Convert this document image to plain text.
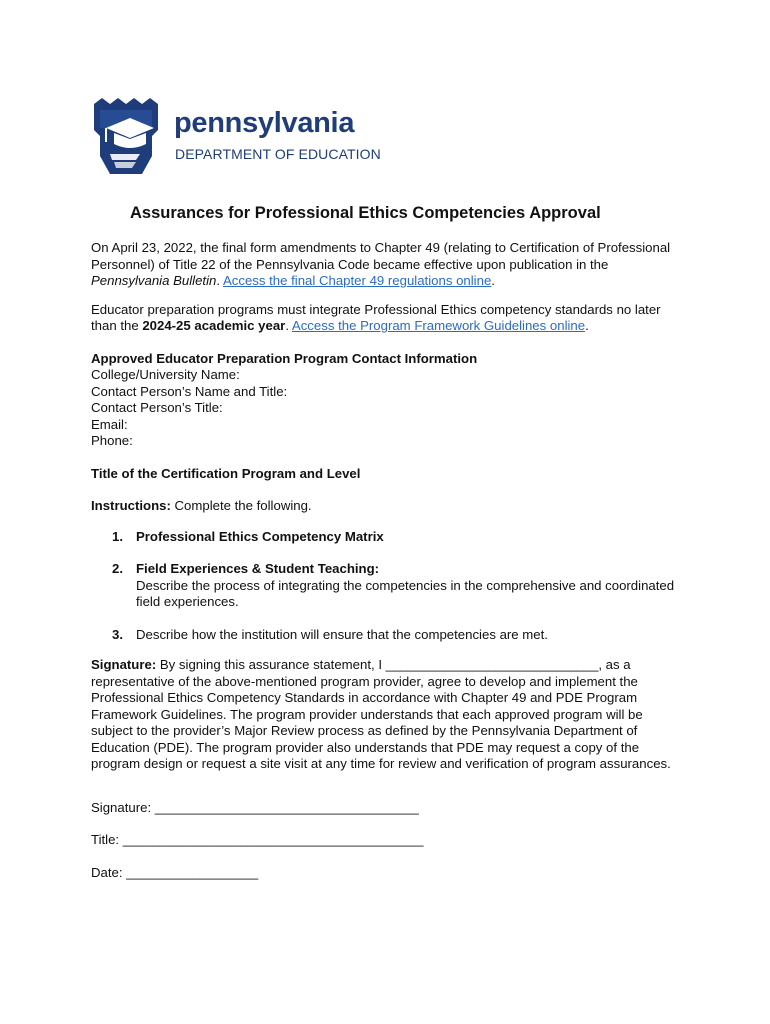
pennsylvania
DEPARTMENT OF EDUCATION
Assurances for Professional Ethics Competencies Approval

On April 23, 2022, the final form amendments to Chapter 49 (relating to Certification of Professional Personnel) of Title 22 of the Pennsylvania Code became effective upon publication in the Pennsylvania Bulletin. Access the final Chapter 49 regulations online.

Educator preparation programs must integrate Professional Ethics competency standards no later than the 2024-25 academic year. Access the Program Framework Guidelines online.

Approved Educator Preparation Program Contact Information

College/University Name:

Contact Person’s Name and Title:

Contact Person’s Title:

Email:

Phone:

Title of the Certification Program and Level

Instructions: Complete the following.

1. Professional Ethics Competency Matrix
2. Field Experiences & Student Teaching:
Describe the process of integrating the competencies in the comprehensive and coordinated field experiences.
3. Describe how the institution will ensure that the competencies are met.

Signature: By signing this assurance statement, I _____________________________, as a representative of the above-mentioned program provider, agree to develop and implement the Professional Ethics Competency Standards in accordance with Chapter 49 and PDE Program Framework Guidelines. The program provider understands that each approved program will be subject to the provider’s Major Review process as defined by the Pennsylvania Department of Education (PDE). The program provider also understands that PDE may request a copy of the program design or request a site visit at any time for review and verification of program assurances.

Signature: ____________________________________

Title: _________________________________________

Date: __________________
